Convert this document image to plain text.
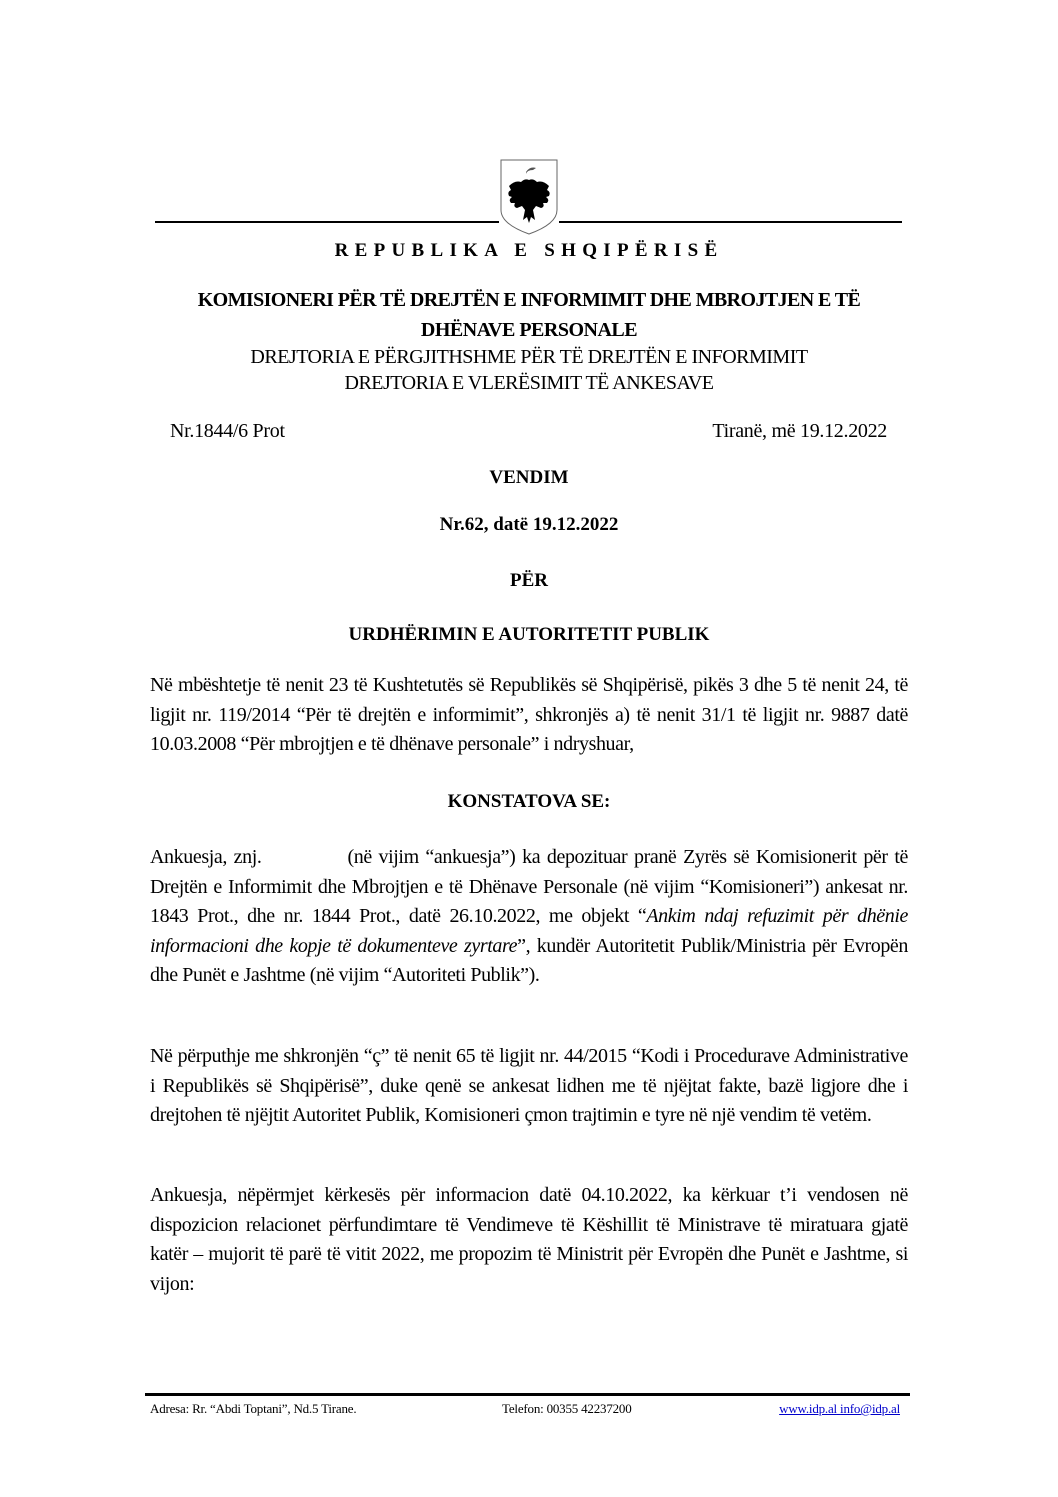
REPUBLIKA E SHQIPËRISË
KOMISIONERI PËR TË DREJTËN E INFORMIMIT DHE MBROJTJEN E TË
DHËNAVE PERSONALE
DREJTORIA E PËRGJITHSHME PËR TË DREJTËN E INFORMIMIT
DREJTORIA E VLERËSIMIT TË ANKESAVE
Nr.1844/6 Prot	Tiranë, më 19.12.2022
VENDIM
Nr.62, datë 19.12.2022
PËR
URDHËRIMIN E AUTORITETIT PUBLIK
Në mbështetje të nenit 23 të Kushtetutës së Republikës së Shqipërisë, pikës 3 dhe 5 të nenit 24, të ligjit nr. 119/2014 “Për të drejtën e informimit”, shkronjës a) të nenit 31/1 të ligjit nr. 9887 datë 10.03.2008 “Për mbrojtjen e të dhënave personale” i ndryshuar,
KONSTATOVA SE:
Ankuesja, znj.	(në vijim “ankuesja”) ka depozituar pranë Zyrës së Komisionerit për të Drejtën e Informimit dhe Mbrojtjen e të Dhënave Personale (në vijim “Komisioneri”) ankesat nr. 1843 Prot., dhe nr. 1844 Prot., datë 26.10.2022, me objekt “Ankim ndaj refuzimit për dhënie informacioni dhe kopje të dokumenteve zyrtare”, kundër Autoritetit Publik/Ministria për Evropën dhe Punët e Jashtme (në vijim “Autoriteti Publik”).
Në përputhje me shkronjën “ç” të nenit 65 të ligjit nr. 44/2015 “Kodi i Procedurave Administrative i Republikës së Shqipërisë”, duke qenë se ankesat lidhen me të njëjtat fakte, bazë ligjore dhe i drejtohen të njëjtit Autoritet Publik, Komisioneri çmon trajtimin e tyre në një vendim të vetëm.
Ankuesja, nëpërmjet kërkesës për informacion datë 04.10.2022, ka kërkuar t’i vendosen në dispozicion relacionet përfundimtare të Vendimeve të Këshillit të Ministrave të miratuara gjatë katër – mujorit të parë të vitit 2022, me propozim të Ministrit për Evropën dhe Punët e Jashtme, si vijon:
Adresa: Rr. “Abdi Toptani”, Nd.5 Tirane.	Telefon: 00355 42237200	www.idp.al info@idp.al
